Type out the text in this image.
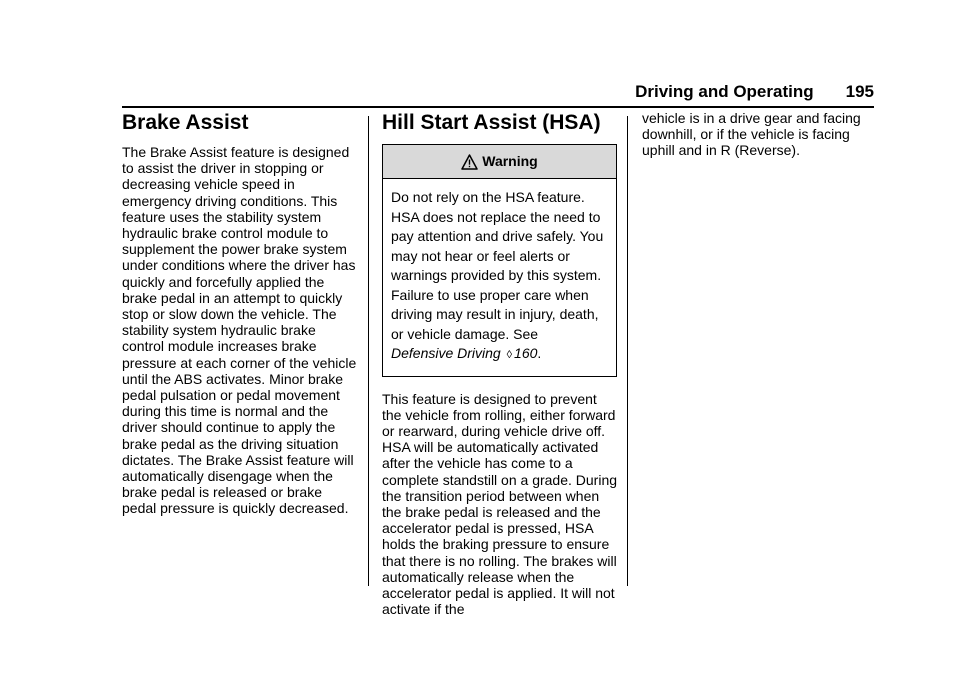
Driving and Operating 195
Brake Assist

The Brake Assist feature is designed to assist the driver in stopping or decreasing vehicle speed in emergency driving conditions. This feature uses the stability system hydraulic brake control module to supplement the power brake system under conditions where the driver has quickly and forcefully applied the brake pedal in an attempt to quickly stop or slow down the vehicle. The stability system hydraulic brake control module increases brake pressure at each corner of the vehicle until the ABS activates. Minor brake pedal pulsation or pedal movement during this time is normal and the driver should continue to apply the brake pedal as the driving situation dictates. The Brake Assist feature will automatically disengage when the brake pedal is released or brake pedal pressure is quickly decreased.

Hill Start Assist (HSA)
Warning
Do not rely on the HSA feature. HSA does not replace the need to pay attention and drive safely. You may not hear or feel alerts or warnings provided by this system. Failure to use proper care when driving may result in injury, death, or vehicle damage. See
Defensive Driving ◊ 160.

This feature is designed to prevent the vehicle from rolling, either forward or rearward, during vehicle drive off. HSA will be automatically activated after the vehicle has come to a complete standstill on a grade. During the transition period between when the brake pedal is released and the accelerator pedal is pressed, HSA holds the braking pressure to ensure that there is no rolling. The brakes will automatically release when the accelerator pedal is applied. It will not activate if the

vehicle is in a drive gear and facing downhill, or if the vehicle is facing uphill and in R (Reverse).
